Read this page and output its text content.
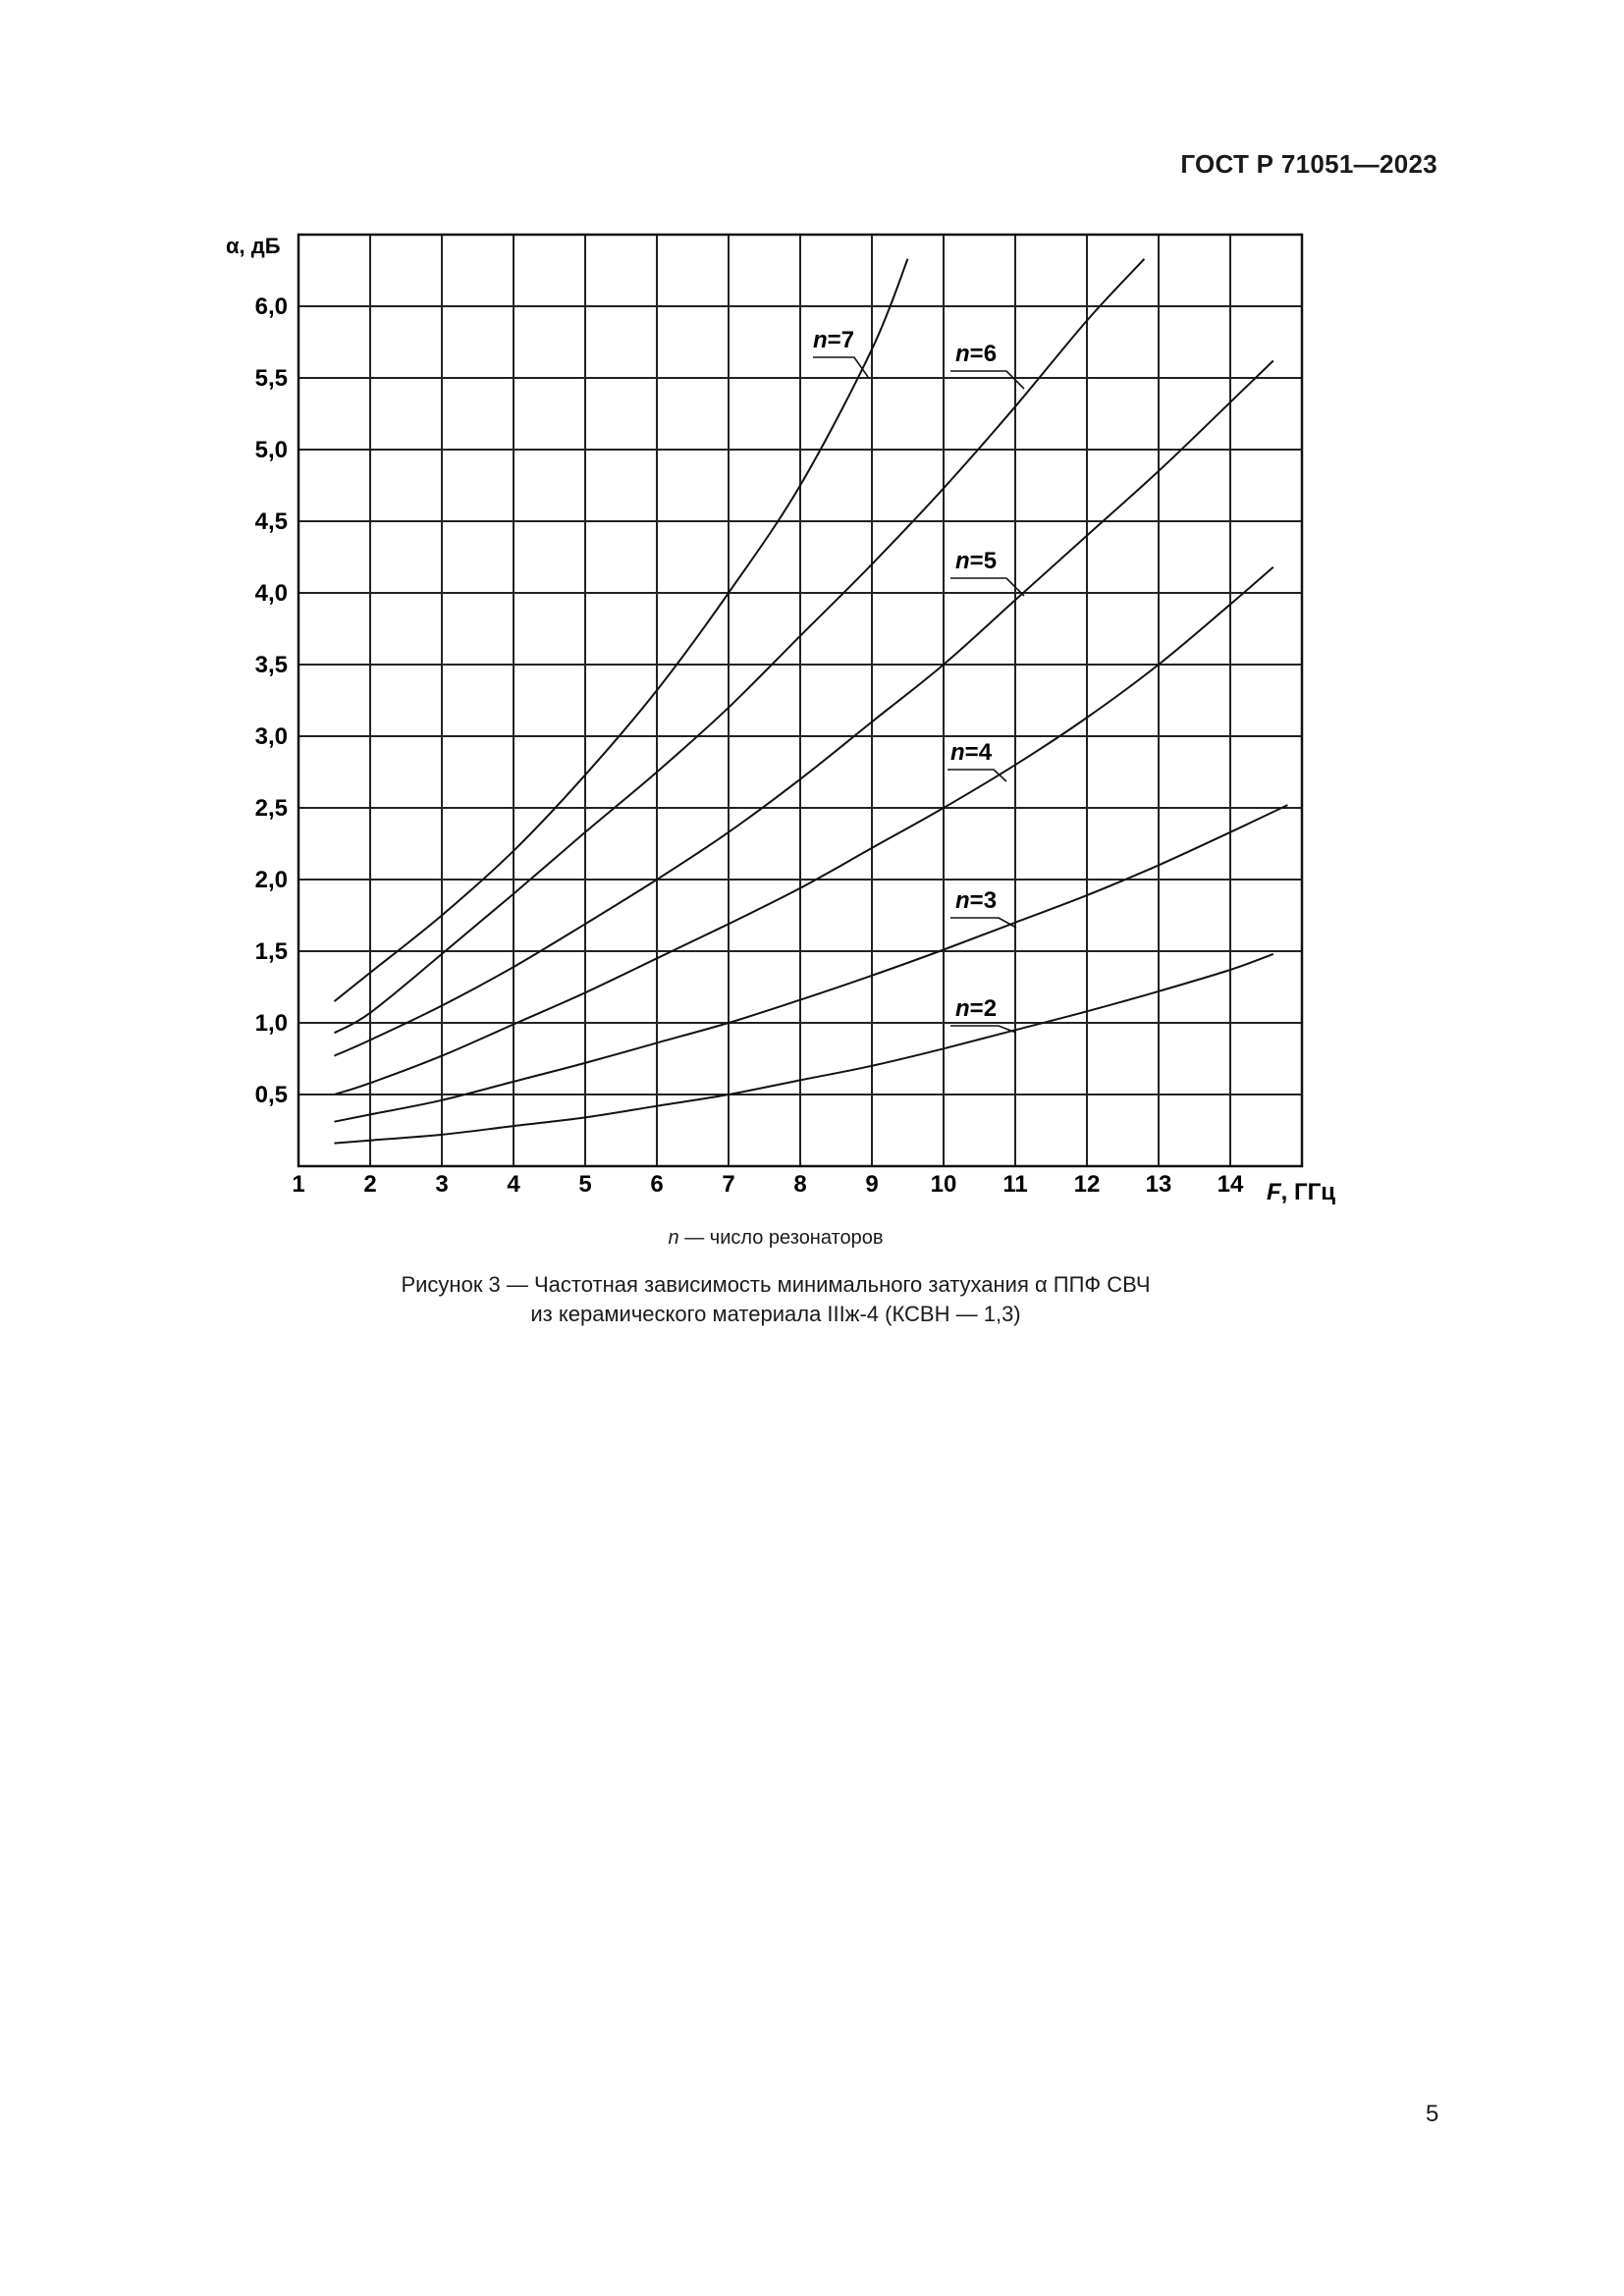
ГОСТ Р 71051—2023
n=7
n=6
n=5
n=4
n=3
n=2
α, дБ
F, ГГц
1 2 3 4 5 6 7 8 9 10 11 12 13 14
0,5
1,0
1,5
2,0
2,5
3,0
3,5
4,0
4,5
5,0
5,5
6,0
n — число резонаторов
Рисунок 3 — Частотная зависимость минимального затухания α ППФ СВЧ
из керамического материала IIIж-4 (КСВН — 1,3)
5
